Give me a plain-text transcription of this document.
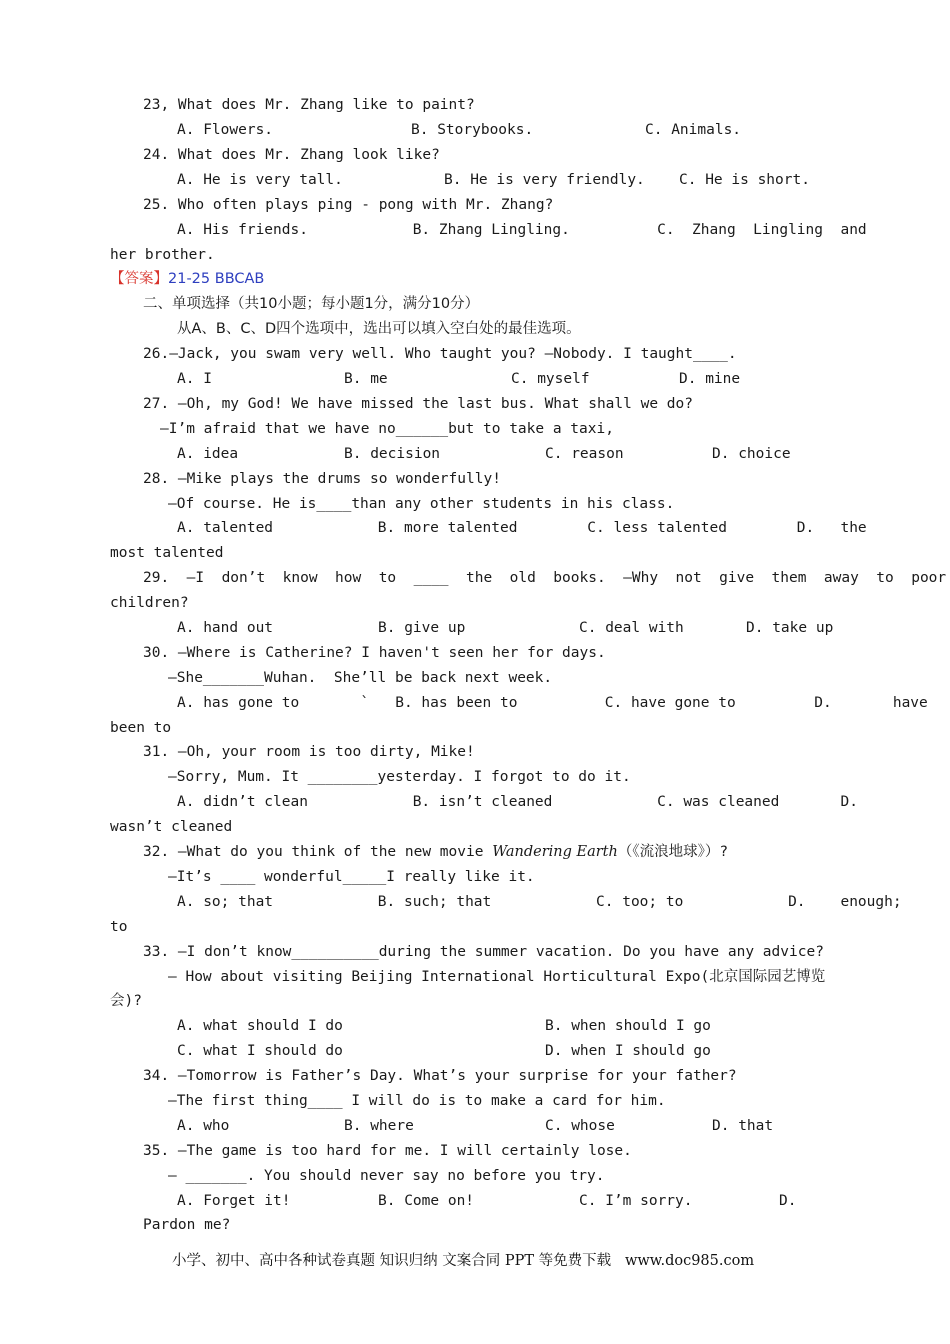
23, What does Mr. Zhang like to paint?
A. Flowers.	B. Storybooks.	C. Animals.
24. What does Mr. Zhang look like?
A. He is very tall.	B. He is very friendly. C. He is short.
25. Who often plays ping - pong with Mr. Zhang?
A. His friends.            B. Zhang Lingling.          C.  Zhang  Lingling  and
her brother.
【答案】21-25 BBCAB
二、单项选择（共10小题；每小题1分，满分10分）
从A、B、C、D四个选项中，选出可以填入空白处的最佳选项。
26.—Jack, you swam very well. Who taught you? —Nobody. I taught____.
A. I	B. me	C. myself	D. mine
27. —Oh, my God! We have missed the last bus. What shall we do?
—I’m afraid that we have no______but to take a taxi,
A. idea	B. decision	C. reason	D. choice
28. —Mike plays the drums so wonderfully!
—Of course. He is____than any other students in his class.
A. talented            B. more talented        C. less talented        D.   the
most talented
29.  —I  don’t  know  how  to  ____  the  old  books.  —Why  not  give  them  away  to  poor
children?
A. hand out	B. give up	C. deal with	D. take up
30. —Where is Catherine? I haven't seen her for days.
—She_______Wuhan.  She’ll be back next week.
A. has gone to       `   B. has been to          C. have gone to         D.       have
been to
31. —Oh, your room is too dirty, Mike!
—Sorry, Mum. It ________yesterday. I forgot to do it.
A. didn’t clean            B. isn’t cleaned            C. was cleaned       D.
wasn’t cleaned
32. —What do you think of the new movie Wandering Earth（《流浪地球》）?
—It’s ____ wonderful_____I really like it.
A. so; that            B. such; that            C. too; to            D.    enough;
to
33. —I don’t know__________during the summer vacation. Do you have any advice?
— How about visiting Beijing International Horticultural Expo(北京国际园艺博览
会)?
A. what should I do	B. when should I go
C. what I should do	D. when I should go
34. —Tomorrow is Father’s Day. What’s your surprise for your father?
—The first thing____ I will do is to make a card for him.
A. who	B. where	C. whose	D. that
35. —The game is too hard for me. I will certainly lose.
— _______. You should never say no before you try.
A. Forget it!	B. Come on!	C. I’m sorry.	D.
Pardon me?
小学、初中、高中各种试卷真题 知识归纳 文案合同 PPT 等免费下载   www.doc985.com
